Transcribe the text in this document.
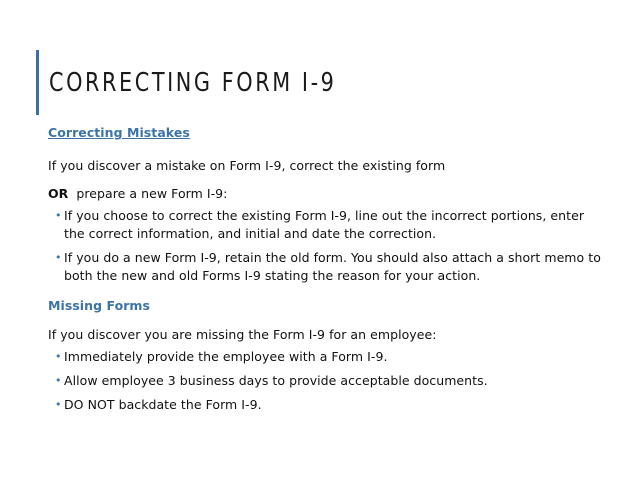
CORRECTING FORM I-9
Correcting Mistakes

If you discover a mistake on Form I-9, correct the existing form

OR prepare a new Form I-9:

• If you choose to correct the existing Form I-9, line out the incorrect portions, enter the correct information, and initial and date the correction.
• If you do a new Form I-9, retain the old form. You should also attach a short memo to both the new and old Forms I-9 stating the reason for your action.
Missing Forms

If you discover you are missing the Form I-9 for an employee:

• Immediately provide the employee with a Form I-9.
• Allow employee 3 business days to provide acceptable documents.
• DO NOT backdate the Form I-9.
